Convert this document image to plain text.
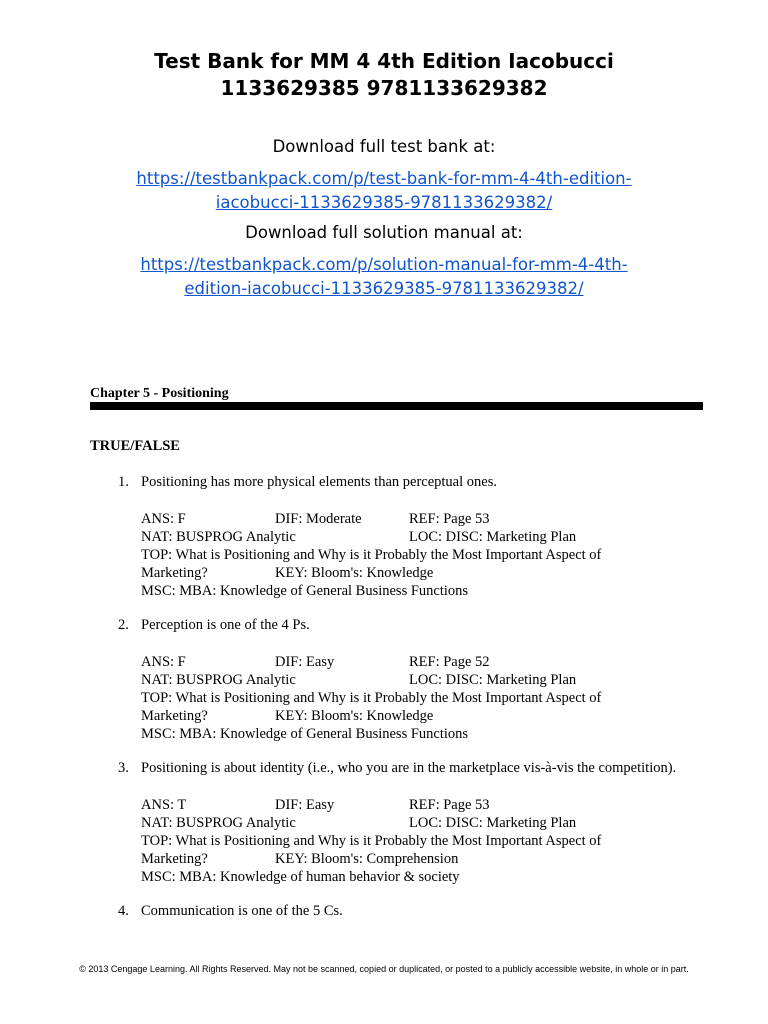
Test Bank for MM 4 4th Edition Iacobucci
1133629385 9781133629382
Download full test bank at:
https://testbankpack.com/p/test-bank-for-mm-4-4th-edition-
iacobucci-1133629385-9781133629382/
Download full solution manual at:
https://testbankpack.com/p/solution-manual-for-mm-4-4th-
edition-iacobucci-1133629385-9781133629382/
Chapter 5 - Positioning
TRUE/FALSE
1. Positioning has more physical elements than perceptual ones.
ANS: F	DIF: Moderate	REF: Page 53
NAT: BUSPROG Analytic	LOC: DISC: Marketing Plan
TOP: What is Positioning and Why is it Probably the Most Important Aspect of
Marketing?	KEY: Bloom's: Knowledge
MSC: MBA: Knowledge of General Business Functions
2. Perception is one of the 4 Ps.
ANS: F	DIF: Easy	REF: Page 52
NAT: BUSPROG Analytic	LOC: DISC: Marketing Plan
TOP: What is Positioning and Why is it Probably the Most Important Aspect of
Marketing?	KEY: Bloom's: Knowledge
MSC: MBA: Knowledge of General Business Functions
3. Positioning is about identity (i.e., who you are in the marketplace vis-à-vis the competition).
ANS: T	DIF: Easy	REF: Page 53
NAT: BUSPROG Analytic	LOC: DISC: Marketing Plan
TOP: What is Positioning and Why is it Probably the Most Important Aspect of
Marketing?	KEY: Bloom's: Comprehension
MSC: MBA: Knowledge of human behavior & society
4. Communication is one of the 5 Cs.
© 2013 Cengage Learning. All Rights Reserved. May not be scanned, copied or duplicated, or posted to a publicly accessible website, in whole or in part.
